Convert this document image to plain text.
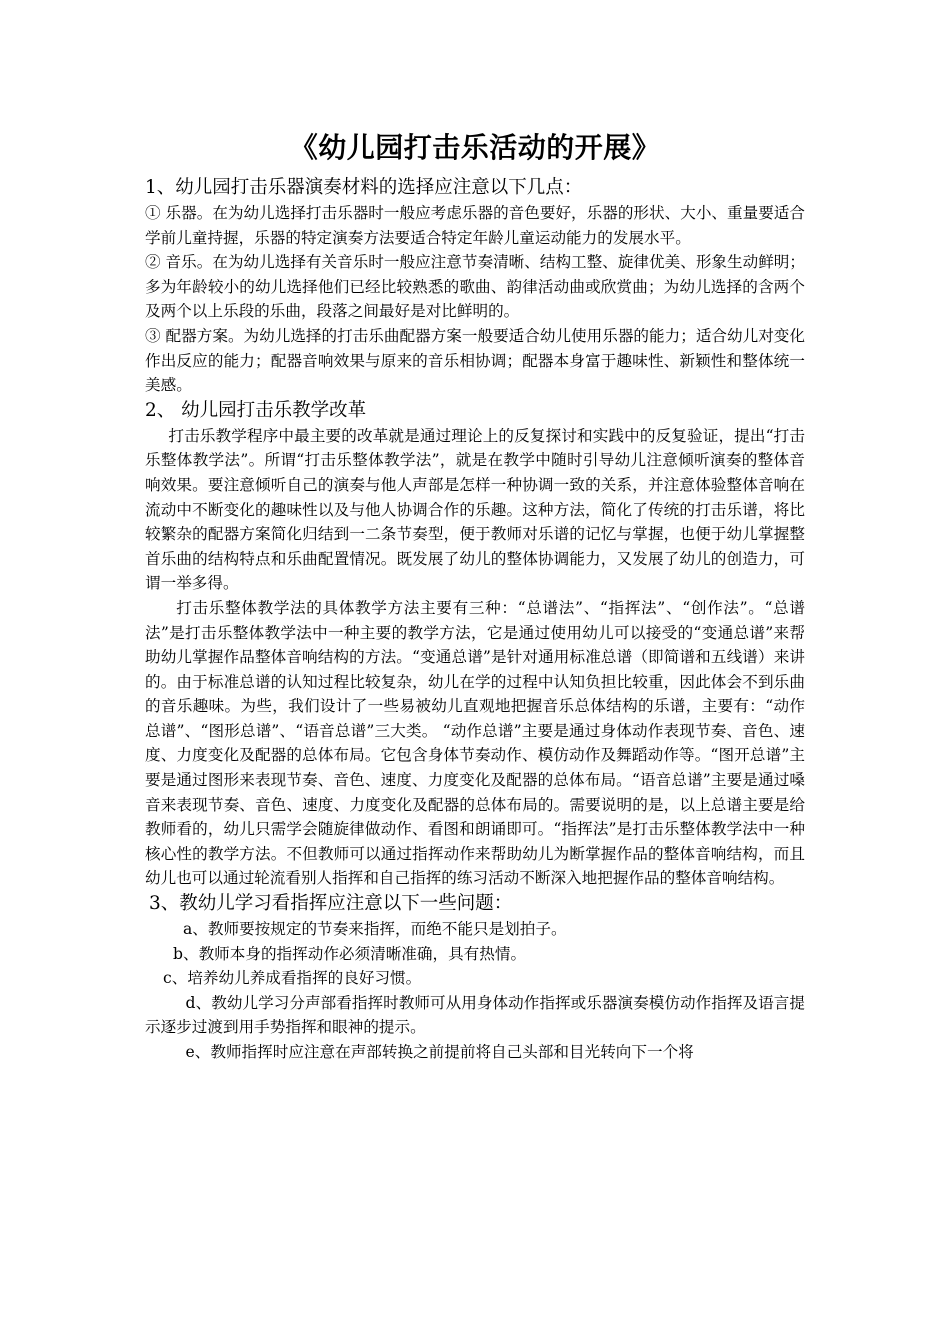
《幼儿园打击乐活动的开展》

1、幼儿园打击乐器演奏材料的选择应注意以下几点：

① 乐器。在为幼儿选择打击乐器时一般应考虑乐器的音色要好，乐器的形状、大小、重量要适合学前儿童持握，乐器的特定演奏方法要适合特定年龄儿童运动能力的发展水平。

② 音乐。在为幼儿选择有关音乐时一般应注意节奏清晰、结构工整、旋律优美、形象生动鲜明；多为年龄较小的幼儿选择他们已经比较熟悉的歌曲、韵律活动曲或欣赏曲；为幼儿选择的含两个及两个以上乐段的乐曲，段落之间最好是对比鲜明的。

③ 配器方案。为幼儿选择的打击乐曲配器方案一般要适合幼儿使用乐器的能力；适合幼儿对变化作出反应的能力；配器音响效果与原来的音乐相协调；配器本身富于趣味性、新颖性和整体统一美感。

2、 幼儿园打击乐教学改革

打击乐教学程序中最主要的改革就是通过理论上的反复探讨和实践中的反复验证，提出“打击乐整体教学法”。所谓“打击乐整体教学法”，就是在教学中随时引导幼儿注意倾听演奏的整体音响效果。要注意倾听自己的演奏与他人声部是怎样一种协调一致的关系，并注意体验整体音响在流动中不断变化的趣味性以及与他人协调合作的乐趣。这种方法，简化了传统的打击乐谱，将比较繁杂的配器方案简化归结到一二条节奏型，便于教师对乐谱的记忆与掌握，也便于幼儿掌握整首乐曲的结构特点和乐曲配置情况。既发展了幼儿的整体协调能力，又发展了幼儿的创造力，可谓一举多得。

打击乐整体教学法的具体教学方法主要有三种：“总谱法”、“指挥法”、“创作法”。“总谱法”是打击乐整体教学法中一种主要的教学方法，它是通过使用幼儿可以接受的“变通总谱”来帮助幼儿掌握作品整体音响结构的方法。“变通总谱”是针对通用标准总谱（即简谱和五线谱）来讲的。由于标准总谱的认知过程比较复杂，幼儿在学的过程中认知负担比较重，因此体会不到乐曲的音乐趣味。为些，我们设计了一些易被幼儿直观地把握音乐总体结构的乐谱，主要有：“动作总谱”、“图形总谱”、“语音总谱”三大类。 “动作总谱”主要是通过身体动作表现节奏、音色、速度、力度变化及配器的总体布局。它包含身体节奏动作、模仿动作及舞蹈动作等。“图开总谱”主要是通过图形来表现节奏、音色、速度、力度变化及配器的总体布局。“语音总谱”主要是通过嗓音来表现节奏、音色、速度、力度变化及配器的总体布局的。需要说明的是，以上总谱主要是给教师看的，幼儿只需学会随旋律做动作、看图和朗诵即可。“指挥法”是打击乐整体教学法中一种核心性的教学方法。不但教师可以通过指挥动作来帮助幼儿为断掌握作品的整体音响结构，而且幼儿也可以通过轮流看别人指挥和自己指挥的练习活动不断深入地把握作品的整体音响结构。

3、教幼儿学习看指挥应注意以下一些问题：

a、教师要按规定的节奏来指挥，而绝不能只是划拍子。

b、教师本身的指挥动作必须清晰准确，具有热情。

c、培养幼儿养成看指挥的良好习惯。

d、教幼儿学习分声部看指挥时教师可从用身体动作指挥或乐器演奏模仿动作指挥及语言提示逐步过渡到用手势指挥和眼神的提示。

e、教师指挥时应注意在声部转换之前提前将自己头部和目光转向下一个将
